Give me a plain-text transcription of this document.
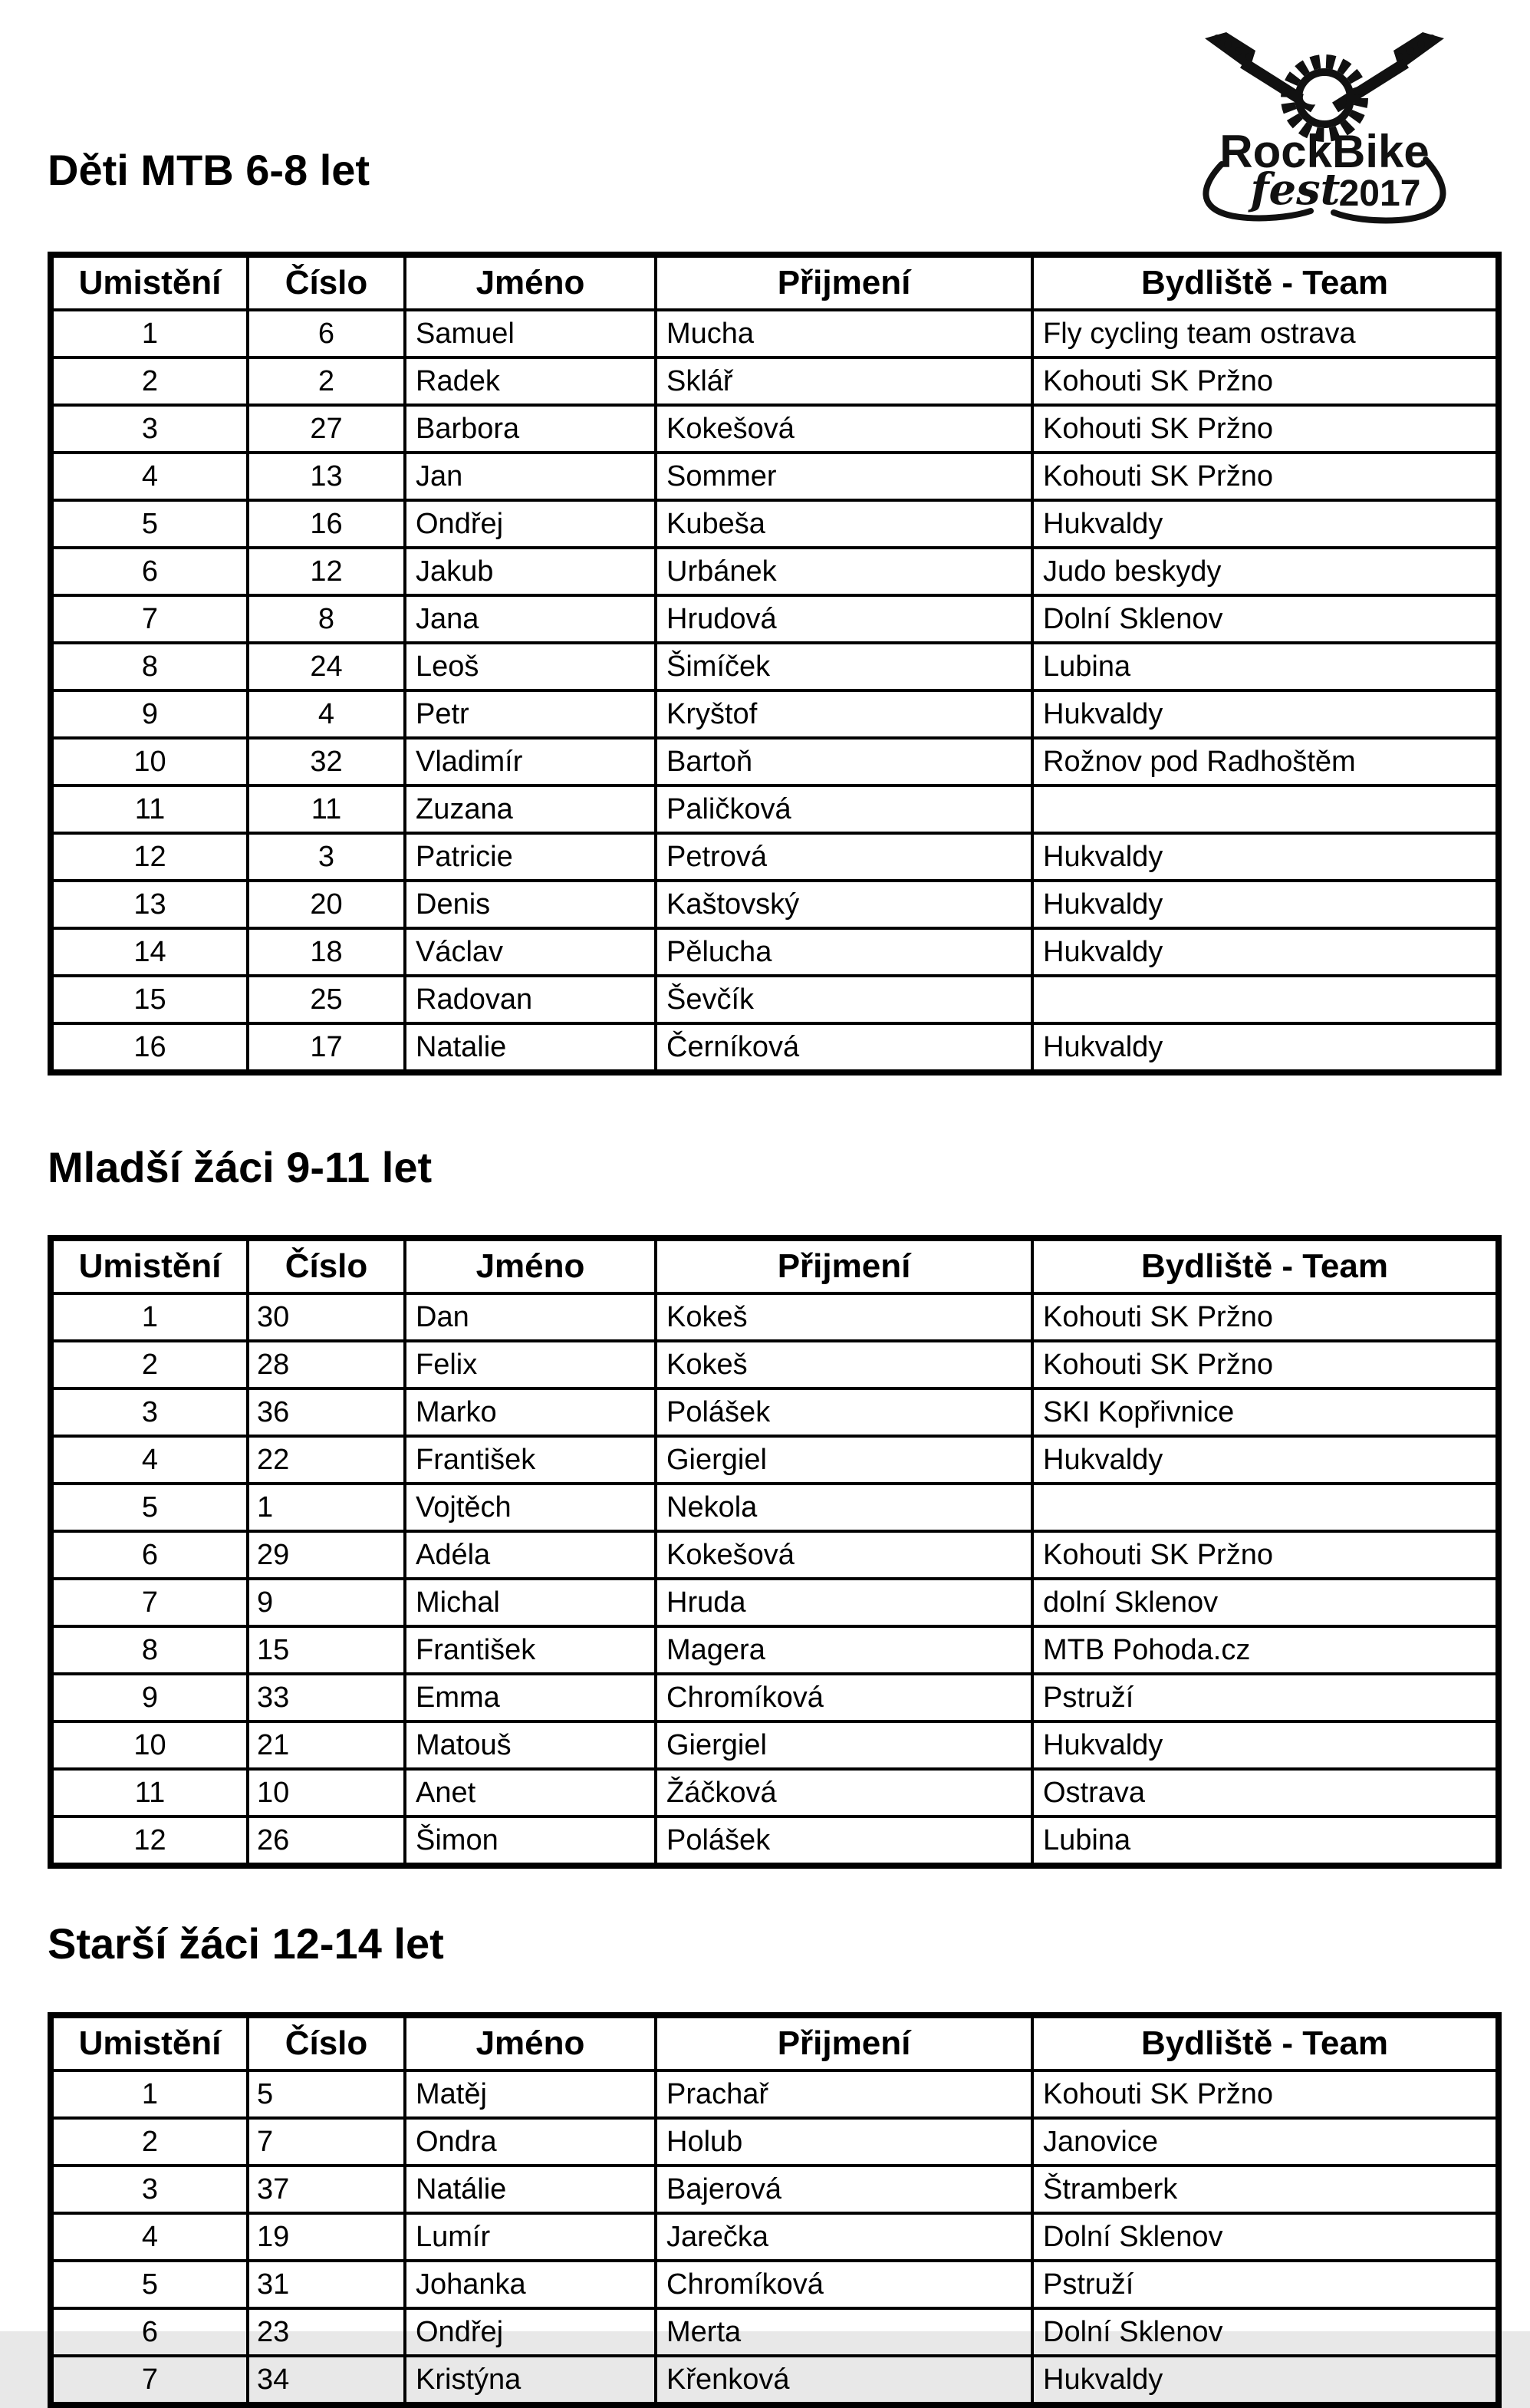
RockBike
fest
2017
Děti MTB 6-8 let
Umistění	Číslo	Jméno	Přijmení	Bydliště - Team
1	6	Samuel	Mucha	Fly cycling team ostrava
2	2	Radek	Sklář	Kohouti SK Pržno
3	27	Barbora	Kokešová	Kohouti SK Pržno
4	13	Jan	Sommer	Kohouti SK Pržno
5	16	Ondřej	Kubeša	Hukvaldy
6	12	Jakub	Urbánek	Judo beskydy
7	8	Jana	Hrudová	Dolní Sklenov
8	24	Leoš	Šimíček	Lubina
9	4	Petr	Kryštof	Hukvaldy
10	32	Vladimír	Bartoň	Rožnov pod Radhoštěm
11	11	Zuzana	Paličková	
12	3	Patricie	Petrová	Hukvaldy
13	20	Denis	Kaštovský	Hukvaldy
14	18	Václav	Pělucha	Hukvaldy
15	25	Radovan	Ševčík	
16	17	Natalie	Černíková	Hukvaldy
Mladší žáci 9-11 let
Umistění	Číslo	Jméno	Přijmení	Bydliště - Team
1	30	Dan	Kokeš	Kohouti SK Pržno
2	28	Felix	Kokeš	Kohouti SK Pržno
3	36	Marko	Polášek	SKI Kopřivnice
4	22	František	Giergiel	Hukvaldy
5	1	Vojtěch	Nekola	
6	29	Adéla	Kokešová	Kohouti SK Pržno
7	9	Michal	Hruda	dolní Sklenov
8	15	František	Magera	MTB Pohoda.cz
9	33	Emma	Chromíková	Pstruží
10	21	Matouš	Giergiel	Hukvaldy
11	10	Anet	Žáčková	Ostrava
12	26	Šimon	Polášek	Lubina
Starší žáci 12-14 let
Umistění	Číslo	Jméno	Přijmení	Bydliště - Team
1	5	Matěj	Prachař	Kohouti SK Pržno
2	7	Ondra	Holub	Janovice
3	37	Natálie	Bajerová	Štramberk
4	19	Lumír	Jarečka	Dolní Sklenov
5	31	Johanka	Chromíková	Pstruží
6	23	Ondřej	Merta	Dolní Sklenov
7	34	Kristýna	Křenková	Hukvaldy
